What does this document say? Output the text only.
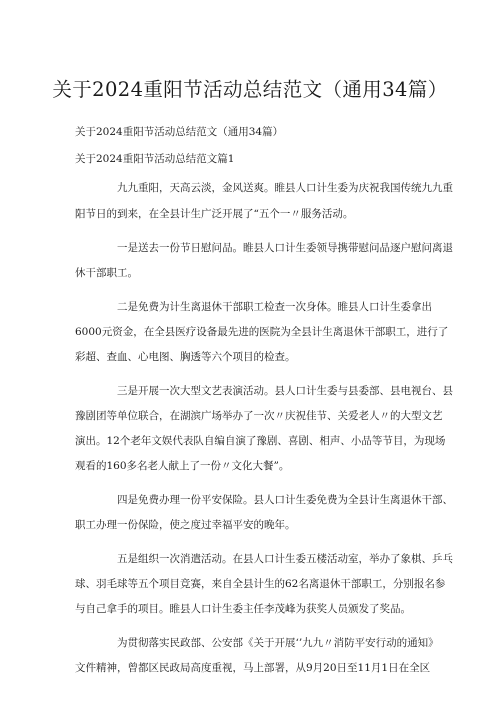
关于2024重阳节活动总结范文（通用34篇）
关于2024重阳节活动总结范文（通用34篇）
关于2024重阳节活动总结范文篇1
九九重阳，天高云淡，金风送爽。睢县人口计生委为庆祝我国传统九九重
阳节日的到来，在全县计生广泛开展了“五个一〃服务活动。
一是送去一份节日慰问品。睢县人口计生委领导携带慰问品逐户慰问离退
休干部职工。
二是免费为计生离退休干部职工检查一次身体。睢县人口计生委拿出
6000元资金，在全县医疗设备最先进的医院为全县计生离退休干部职工，进行了
彩超、查血、心电图、胸透等六个项目的检查。
三是开展一次大型文艺表演活动。县人口计生委与县委部、县电视台、县
豫剧团等单位联合，在湖滨广场举办了一次〃庆祝佳节、关爱老人〃的大型文艺
演出。12个老年文娱代表队自编自演了豫剧、喜剧、相声、小品等节目，为现场
观看的160多名老人献上了一份〃文化大餐”。
四是免费办理一份平安保险。县人口计生委免费为全县计生离退休干部、
职工办理一份保险，使之度过幸福平安的晚年。
五是组织一次消遣活动。在县人口计生委五楼活动室，举办了象棋、乒乓
球、羽毛球等五个项目竞赛，来自全县计生的62名离退休干部职工，分别报名参
与自己拿手的项目。睢县人口计生委主任李茂峰为获奖人员颁发了奖品。
为贯彻落实民政部、公安部《关于开展‘’九九〃消防平安行动的通知》
文件精神，曾都区民政局高度重视，马上部署，从9月20日至11月1日在全区
